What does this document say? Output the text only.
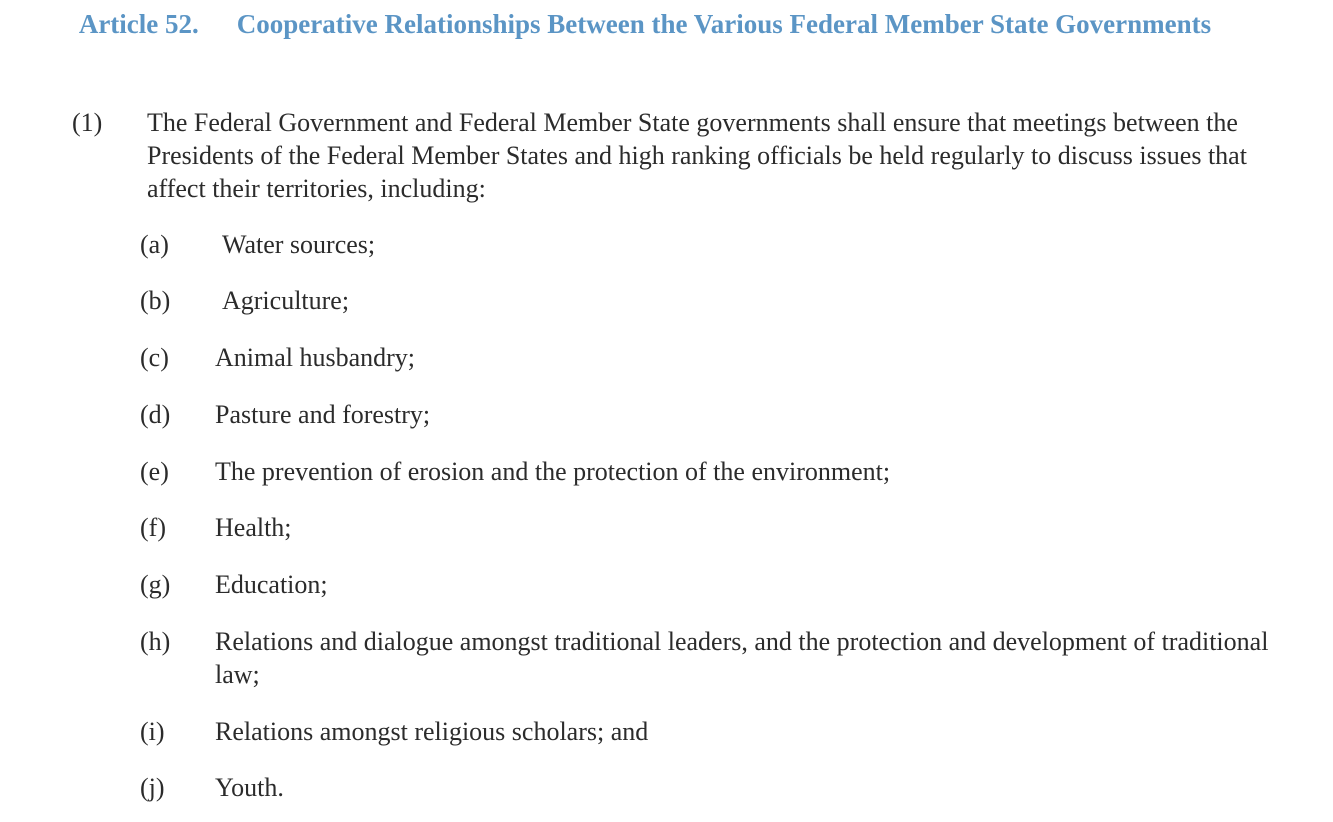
Article 52. Cooperative Relationships Between the Various Federal Member State Governments
(1) The Federal Government and Federal Member State governments shall ensure that meetings between the Presidents of the Federal Member States and high ranking officials be held regularly to discuss issues that affect their territories, including:
(a) Water sources;
(b) Agriculture;
(c) Animal husbandry;
(d) Pasture and forestry;
(e) The prevention of erosion and the protection of the environment;
(f) Health;
(g) Education;
(h) Relations and dialogue amongst traditional leaders, and the protection and development of traditional law;
(i) Relations amongst religious scholars; and
(j) Youth.
